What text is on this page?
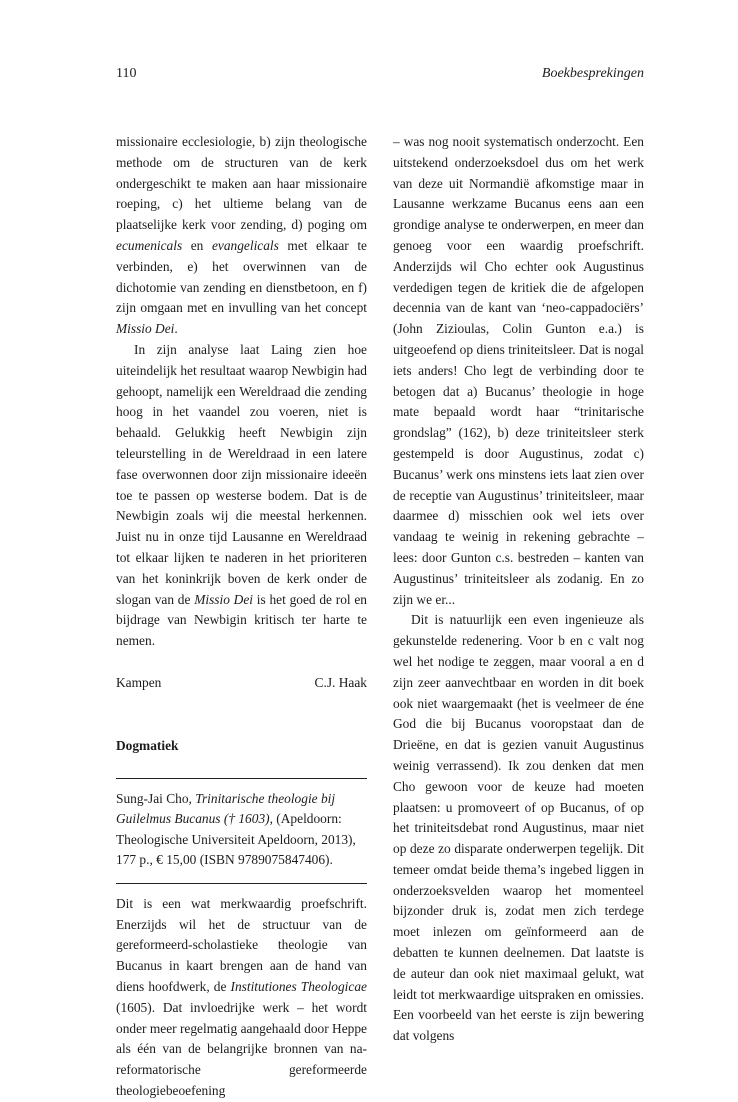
110	Boekbesprekingen

missionaire ecclesiologie, b) zijn theologische methode om de structuren van de kerk ondergeschikt te maken aan haar missionaire roeping, c) het ultieme belang van de plaatselijke kerk voor zending, d) poging om ecumenicals en evangelicals met elkaar te verbinden, e) het overwinnen van de dichotomie van zending en dienstbetoon, en f) zijn omgaan met en invulling van het concept Missio Dei.

In zijn analyse laat Laing zien hoe uiteindelijk het resultaat waarop Newbigin had gehoopt, namelijk een Wereldraad die zending hoog in het vaandel zou voeren, niet is behaald. Gelukkig heeft Newbigin zijn teleurstelling in de Wereldraad in een latere fase overwonnen door zijn missionaire ideeën toe te passen op westerse bodem. Dat is de Newbigin zoals wij die meestal herkennen. Juist nu in onze tijd Lausanne en Wereldraad tot elkaar lijken te naderen in het prioriteren van het koninkrijk boven de kerk onder de slogan van de Missio Dei is het goed de rol en bijdrage van Newbigin kritisch ter harte te nemen.

Kampen	C.J. Haak

Dogmatiek

Sung-Jai Cho, Trinitarische theologie bij Guilelmus Bucanus († 1603), (Apeldoorn: Theologische Universiteit Apeldoorn, 2013), 177 p., € 15,00 (ISBN 9789075847406).

Dit is een wat merkwaardig proefschrift. Enerzijds wil het de structuur van de gereformeerd-scholastieke theologie van Bucanus in kaart brengen aan de hand van diens hoofdwerk, de Institutiones Theologicae (1605). Dat invloedrijke werk – het wordt onder meer regelmatig aangehaald door Heppe als één van de belangrijke bronnen van na-reformatorische gereformeerde theologiebeoefening

– was nog nooit systematisch onderzocht. Een uitstekend onderzoeksdoel dus om het werk van deze uit Normandië afkomstige maar in Lausanne werkzame Bucanus eens aan een grondige analyse te onderwerpen, en meer dan genoeg voor een waardig proefschrift. Anderzijds wil Cho echter ook Augustinus verdedigen tegen de kritiek die de afgelopen decennia van de kant van ‘neo-cappadociërs’ (John Zizioulas, Colin Gunton e.a.) is uitgeoefend op diens triniteitsleer. Dat is nogal iets anders! Cho legt de verbinding door te betogen dat a) Bucanus’ theologie in hoge mate bepaald wordt haar “trinitarische grondslag” (162), b) deze triniteitsleer sterk gestempeld is door Augustinus, zodat c) Bucanus’ werk ons minstens iets laat zien over de receptie van Augustinus’ triniteitsleer, maar daarmee d) misschien ook wel iets over vandaag te weinig in rekening gebrachte – lees: door Gunton c.s. bestreden – kanten van Augustinus’ triniteitsleer als zodanig. En zo zijn we er...

Dit is natuurlijk een even ingenieuze als gekunstelde redenering. Voor b en c valt nog wel het nodige te zeggen, maar vooral a en d zijn zeer aanvechtbaar en worden in dit boek ook niet waargemaakt (het is veelmeer de éne God die bij Bucanus vooropstaat dan de Drieëne, en dat is gezien vanuit Augustinus weinig verrassend). Ik zou denken dat men Cho gewoon voor de keuze had moeten plaatsen: u promoveert of op Bucanus, of op het triniteitsdebat rond Augustinus, maar niet op deze zo disparate onderwerpen tegelijk. Dit temeer omdat beide thema’s ingebed liggen in onderzoeksvelden waarop het momenteel bijzonder druk is, zodat men zich terdege moet inlezen om geïnformeerd aan de debatten te kunnen deelnemen. Dat laatste is de auteur dan ook niet maximaal gelukt, wat leidt tot merkwaardige uitspraken en omissies. Een voorbeeld van het eerste is zijn bewering dat volgens
